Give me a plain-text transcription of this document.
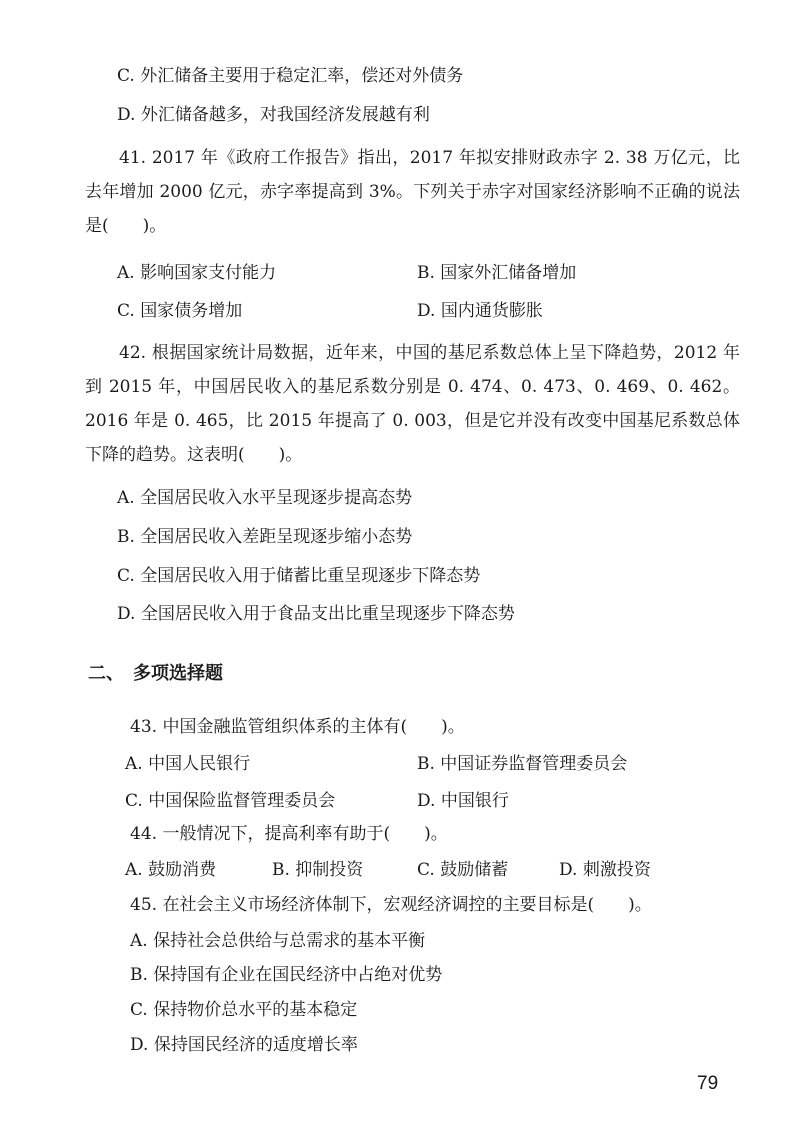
C. 外汇储备主要用于稳定汇率，偿还对外债务
D. 外汇储备越多，对我国经济发展越有利
41. 2017 年《政府工作报告》指出，2017 年拟安排财政赤字 2. 38 万亿元，比去年增加 2000 亿元，赤字率提高到 3%。下列关于赤字对国家经济影响不正确的说法是(　　)。
A. 影响国家支付能力	B. 国家外汇储备增加
C. 国家债务增加	D. 国内通货膨胀
42. 根据国家统计局数据，近年来，中国的基尼系数总体上呈下降趋势，2012 年到 2015 年，中国居民收入的基尼系数分别是 0. 474、0. 473、0. 469、0. 462。2016 年是 0. 465，比 2015 年提高了 0. 003，但是它并没有改变中国基尼系数总体下降的趋势。这表明(　　)。
A. 全国居民收入水平呈现逐步提高态势
B. 全国居民收入差距呈现逐步缩小态势
C. 全国居民收入用于储蓄比重呈现逐步下降态势
D. 全国居民收入用于食品支出比重呈现逐步下降态势
二、　多项选择题
43. 中国金融监管组织体系的主体有(　　)。
A. 中国人民银行	B. 中国证券监督管理委员会
C. 中国保险监督管理委员会	D. 中国银行
44. 一般情况下，提高利率有助于(　　)。
A. 鼓励消费	B. 抑制投资	C. 鼓励储蓄	D. 刺激投资
45. 在社会主义市场经济体制下，宏观经济调控的主要目标是(　　)。
A. 保持社会总供给与总需求的基本平衡
B. 保持国有企业在国民经济中占绝对优势
C. 保持物价总水平的基本稳定
D. 保持国民经济的适度增长率
79
